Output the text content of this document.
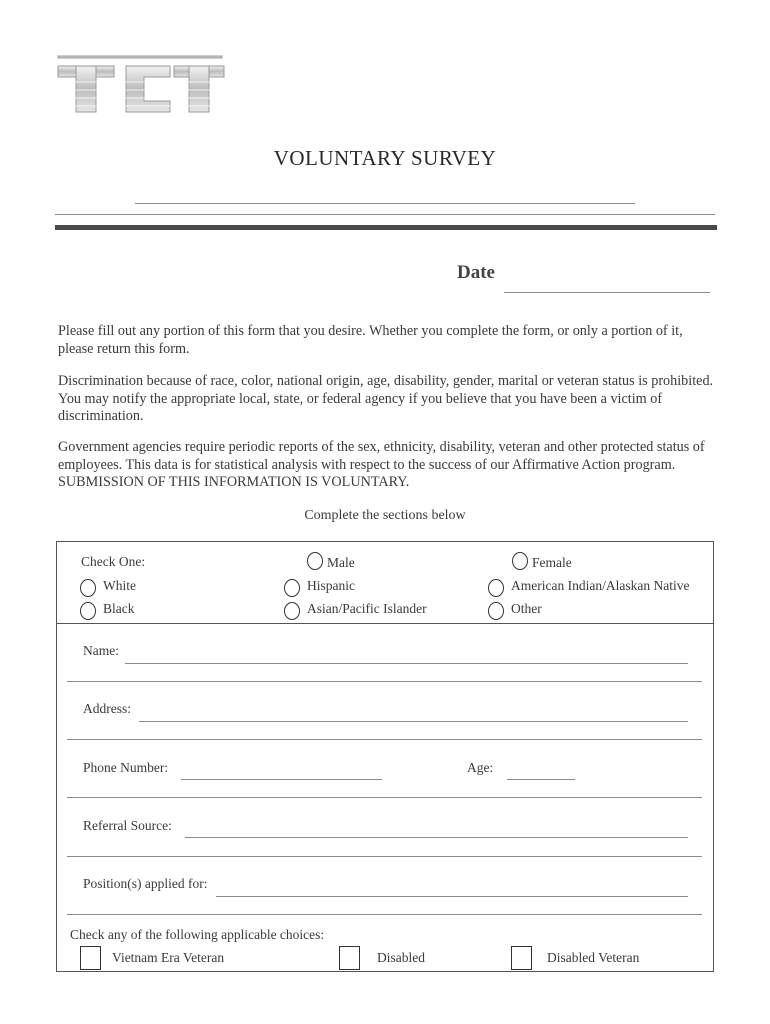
VOLUNTARY SURVEY
Date
Please fill out any portion of this form that you desire. Whether you complete the form, or only a portion of it, please return this form.
Discrimination because of race, color, national origin, age, disability, gender, marital or veteran status is prohibited. You may notify the appropriate local, state, or federal agency if you believe that you have been a victim of discrimination.
Government agencies require periodic reports of the sex, ethnicity, disability, veteran and other protected status of employees. This data is for statistical analysis with respect to the success of our Affirmative Action program. SUBMISSION OF THIS INFORMATION IS VOLUNTARY.
Complete the sections below
Check One:	Male	Female
White	Hispanic	American Indian/Alaskan Native
Black	Asian/Pacific Islander	Other
Name:
Address:
Phone Number:	Age:
Referral Source:
Position(s) applied for:
Check any of the following applicable choices:
Vietnam Era Veteran	Disabled	Disabled Veteran
